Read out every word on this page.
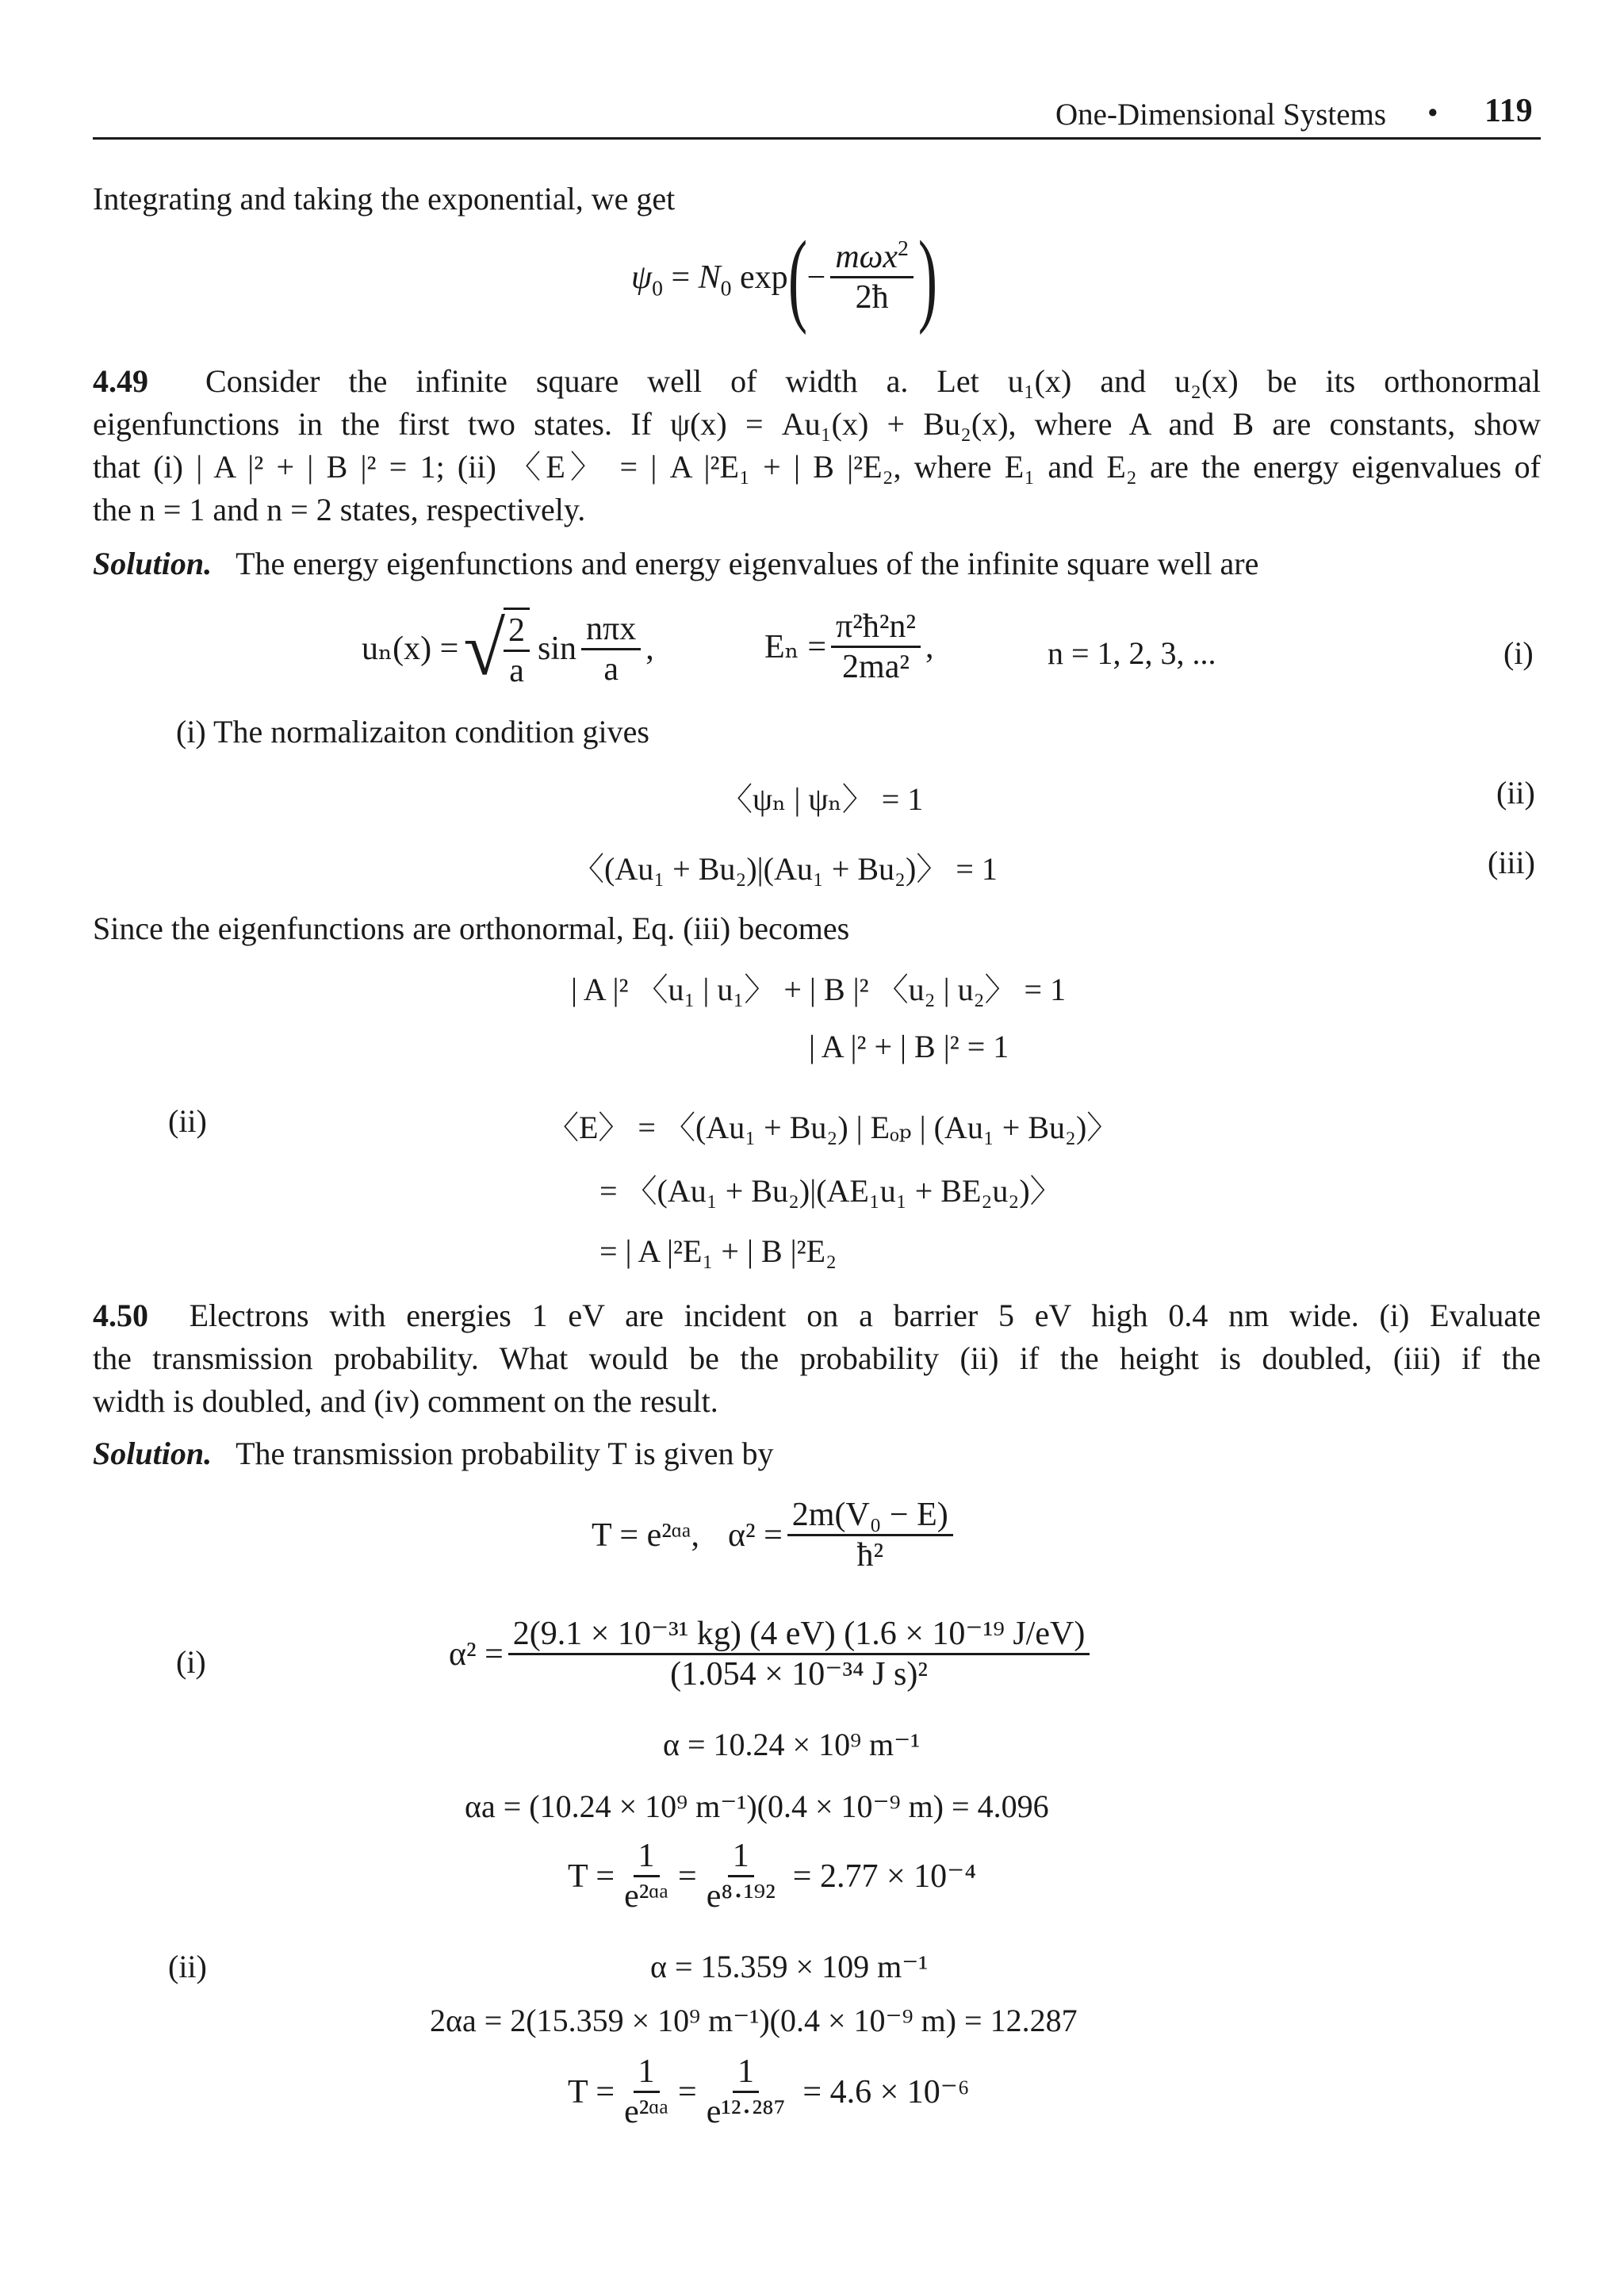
One-Dimensional Systems • 119
Integrating and taking the exponential, we get
$\psi_0 = N_0$ exp ( − $\frac{m\omega x^2}{2ħ}$ )
4.49 Consider the infinite square well of width a. Let u₁(x) and u₂(x) be its orthonormal
eigenfunctions in the first two states. If ψ(x) = Au₁(x) + Bu₂(x), where A and B are constants, show
that (i) | A |² + | B |² = 1; (ii) 〈E〉 = | A |²E₁ + | B |²E₂, where E₁ and E₂ are the energy eigenvalues of
the n = 1 and n = 2 states, respectively.
Solution. The energy eigenfunctions and energy eigenvalues of the infinite square well are
uₙ(x) = √
$\frac{2}{a}$ $\sin \frac{\text{nπx}}{a}$ ,	$E_n = \frac{\text{π²ħ²n²}}{\text{2ma²}}$ ,	n = 1, 2, 3, ...	(i)
(i) The normalizaiton condition gives
〈ψₙ | ψₙ〉 = 1	(ii)
〈(Au₁ + Bu₂)|(Au₁ + Bu₂)〉 = 1	(iii)
Since the eigenfunctions are orthonormal, Eq. (iii) becomes
| A |² 〈u₁ | u₁〉 + | B |² 〈u₂ | u₂〉 = 1
| A |² + | B |² = 1
(ii)	〈E〉 = 〈(Au₁ + Bu₂) | Eₒₚ | (Au₁ + Bu₂)〉
= 〈(Au₁ + Bu₂)|(AE₁u₁ + BE₂u₂)〉
= | A |²E₁ + | B |²E₂
4.50 Electrons with energies 1 eV are incident on a barrier 5 eV high 0.4 nm wide. (i) Evaluate
the transmission probability. What would be the probability (ii) if the height is doubled, (iii) if the
width is doubled, and (iv) comment on the result.
Solution. The transmission probability T is given by
T = e²ᵅᵃ, $\alpha^2 = \frac{\text{2m(V₀ − E)}}{\text{ħ²}}$
(i)	$\alpha^2 = \frac{\text{2(9.1 × 10⁻³¹ kg) (4 eV) (1.6 × 10⁻¹⁹ J/eV)}}{\text{(1.054 × 10⁻³⁴ J s)²}}$
α = 10.24 × 10⁹ m⁻¹
αa = (10.24 × 10⁹ m⁻¹)(0.4 × 10⁻⁹ m) = 4.096
$T = \frac{1}{\text{e²ᵅᵃ}} = \frac{1}{\text{e⁸·¹⁹²}} = 2.77 \times 10^{-4}$
(ii)	α = 15.359 × 109 m⁻¹
2αa = 2(15.359 × 10⁹ m⁻¹)(0.4 × 10⁻⁹ m) = 12.287
$T = \frac{1}{\text{e²ᵅᵃ}} = \frac{1}{\text{e¹²·²⁸⁷}} = 4.6 \times 10^{-6}$
